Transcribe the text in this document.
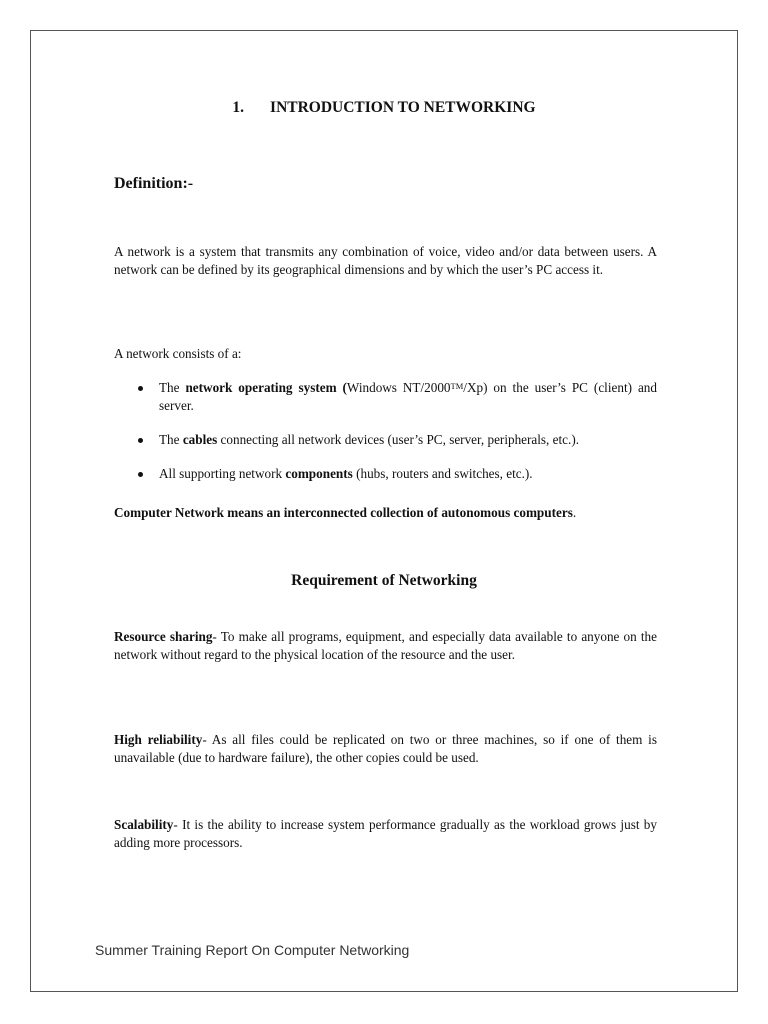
1. INTRODUCTION TO NETWORKING
Definition:-
A network is a system that transmits any combination of voice, video and/or data between users. A network can be defined by its geographical dimensions and by which the user’s PC access it.
A network consists of a:
The network operating system (Windows NT/2000™/Xp) on the user’s PC (client) and server.
The cables connecting all network devices (user’s PC, server, peripherals, etc.).
All supporting network components (hubs, routers and switches, etc.).
Computer Network means an interconnected collection of autonomous computers.
Requirement of Networking
Resource sharing- To make all programs, equipment, and especially data available to anyone on the network without regard to the physical location of the resource and the user.
High reliability- As all files could be replicated on two or three machines, so if one of them is unavailable (due to hardware failure), the other copies could be used.
Scalability- It is the ability to increase system performance gradually as the workload grows just by adding more processors.
Summer Training Report On Computer Networking
